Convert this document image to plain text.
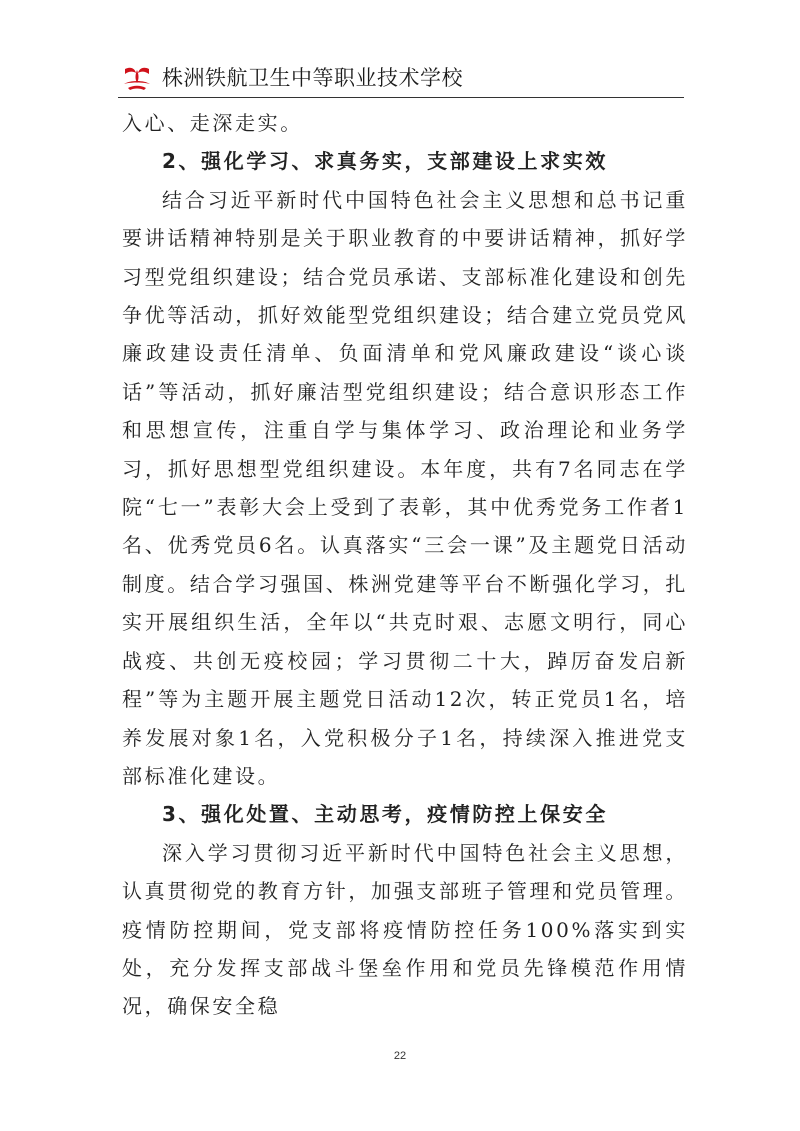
株洲铁航卫生中等职业技术学校

入心、走深走实。

2、强化学习、求真务实，支部建设上求实效

结合习近平新时代中国特色社会主义思想和总书记重要讲话精神特别是关于职业教育的中要讲话精神，抓好学习型党组织建设；结合党员承诺、支部标准化建设和创先争优等活动，抓好效能型党组织建设；结合建立党员党风廉政建设责任清单、负面清单和党风廉政建设“谈心谈话”等活动，抓好廉洁型党组织建设；结合意识形态工作和思想宣传，注重自学与集体学习、政治理论和业务学习，抓好思想型党组织建设。本年度，共有7名同志在学院“七一”表彰大会上受到了表彰，其中优秀党务工作者1名、优秀党员6名。认真落实“三会一课”及主题党日活动制度。结合学习强国、株洲党建等平台不断强化学习，扎实开展组织生活，全年以“共克时艰、志愿文明行，同心战疫、共创无疫校园；学习贯彻二十大，踔厉奋发启新程”等为主题开展主题党日活动12次，转正党员1名，培养发展对象1名，入党积极分子1名，持续深入推进党支部标准化建设。

3、强化处置、主动思考，疫情防控上保安全

深入学习贯彻习近平新时代中国特色社会主义思想，认真贯彻党的教育方针，加强支部班子管理和党员管理。疫情防控期间，党支部将疫情防控任务100%落实到实处，充分发挥支部战斗堡垒作用和党员先锋模范作用情况，确保安全稳

22
